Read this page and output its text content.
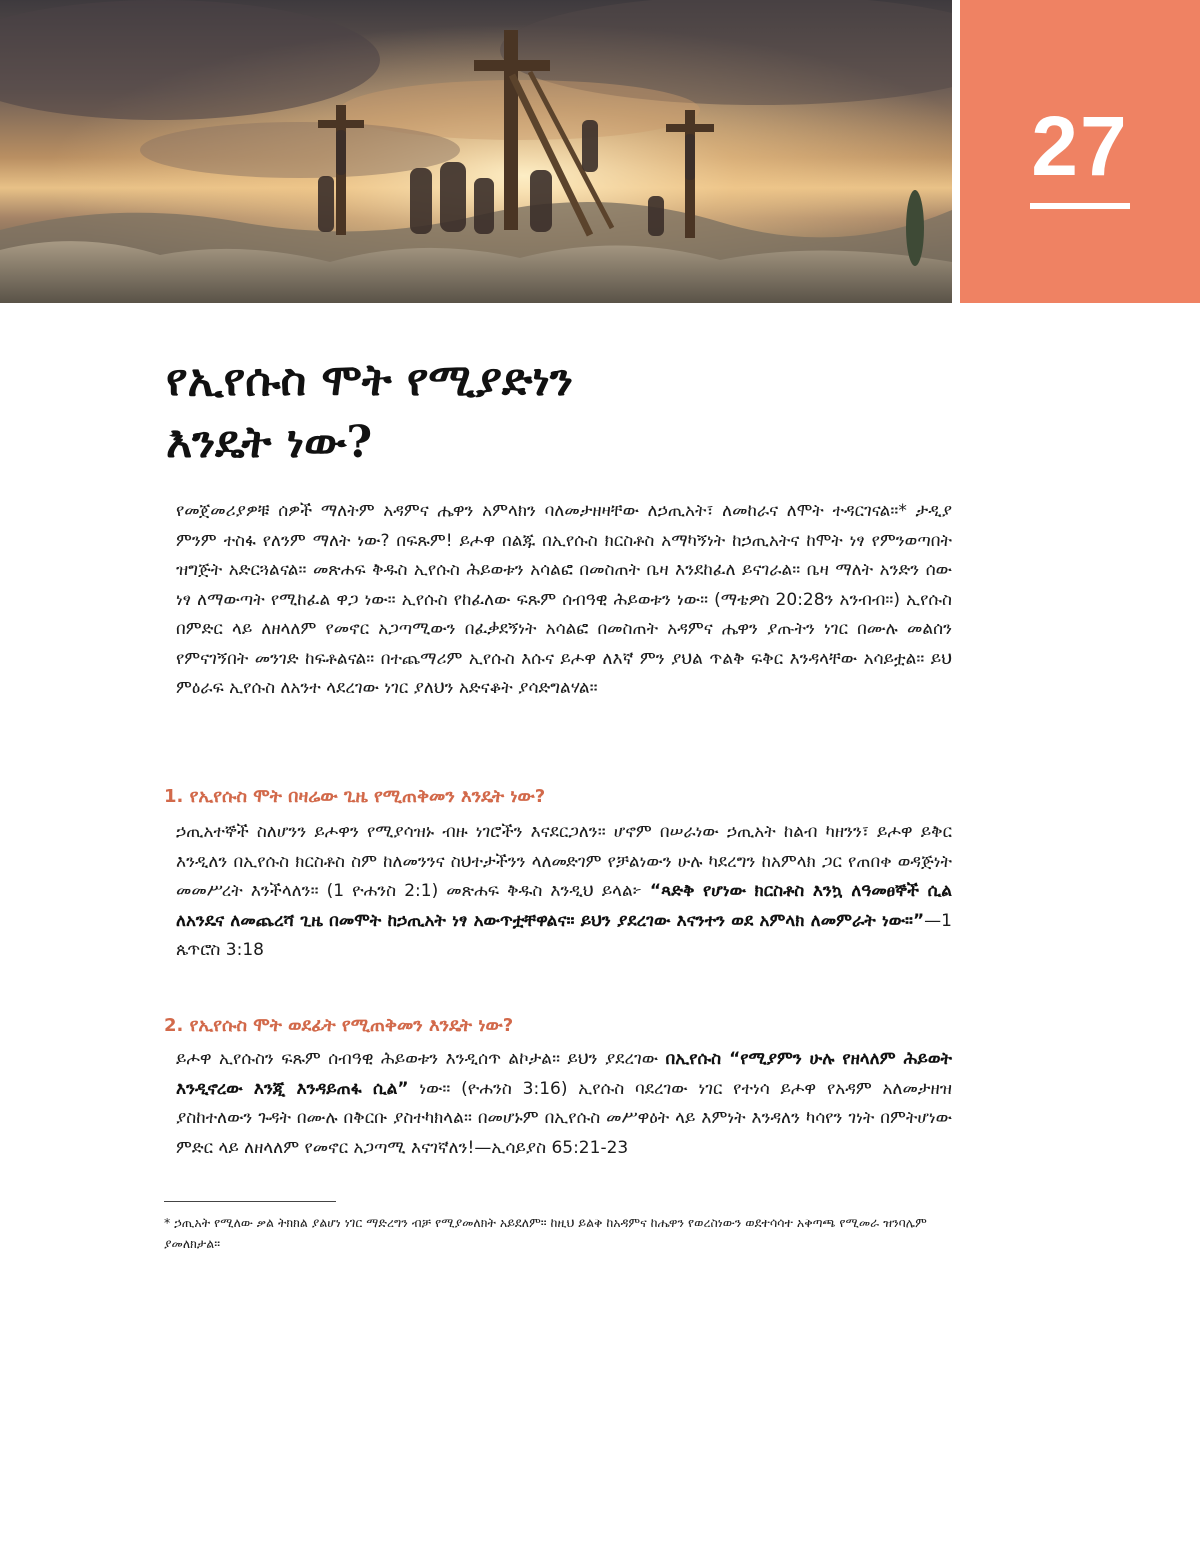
27
የኢየሱስ ሞት የሚያድነን
እንዴት ነው?

የመጀመሪያዎቹ ሰዎች ማለትም አዳምና ሔዋን አምላክን ባለመታዘዛቸው ለኃጢአት፣ ለመከራና ለሞት ተዳርገናል።* ታዲያ ምንም ተስፋ የለንም ማለት ነው? በፍጹም! ይሖዋ በልጁ በኢየሱስ ክርስቶስ አማካኝነት ከኃጢአትና ከሞት ነፃ የምንወጣበት ዝግጅት አድርጓልናል። መጽሐፍ ቅዱስ ኢየሱስ ሕይወቱን አሳልፎ በመስጠት ቤዛ እንደከፈለ ይናገራል። ቤዛ ማለት አንድን ሰው ነፃ ለማውጣት የሚከፈል ዋጋ ነው። ኢየሱስ የከፈለው ፍጹም ሰብዓዊ ሕይወቱን ነው። (ማቴዎስ 20:28ን አንብብ።) ኢየሱስ በምድር ላይ ለዘላለም የመኖር አጋጣሚውን በፈቃደኝነት አሳልፎ በመስጠት አዳምና ሔዋን ያጡትን ነገር በሙሉ መልሰን የምናገኝበት መንገድ ከፍቶልናል። በተጨማሪም ኢየሱስ እሱና ይሖዋ ለእኛ ምን ያህል ጥልቅ ፍቅር እንዳላቸው አሳይቷል። ይህ ምዕራፍ ኢየሱስ ለአንተ ላደረገው ነገር ያለህን አድናቆት ያሳድግልሃል።

1. የኢየሱስ ሞት በዛሬው ጊዜ የሚጠቅመን እንዴት ነው?

ኃጢአተኞች ስለሆንን ይሖዋን የሚያሳዝኑ ብዙ ነገሮችን እናደርጋለን። ሆኖም በሠራነው ኃጢአት ከልብ ካዘንን፣ ይሖዋ ይቅር እንዲለን በኢየሱስ ክርስቶስ ስም ከለመንንና ስህተታችንን ላለመድገም የቻልነውን ሁሉ ካደረግን ከአምላክ ጋር የጠበቀ ወዳጅነት መመሥረት እንችላለን። (1 ዮሐንስ 2:1) መጽሐፍ ቅዱስ እንዲህ ይላል፦ “ጻድቅ የሆነው ክርስቶስ እንኳ ለዓመፀኞች ሲል ለአንዴና ለመጨረሻ ጊዜ በመሞት ከኃጢአት ነፃ አውጥቷቸዋልና። ይህን ያደረገው እናንተን ወደ አምላክ ለመምራት ነው።”—1 ጴጥሮስ 3:18

2. የኢየሱስ ሞት ወደፊት የሚጠቅመን እንዴት ነው?

ይሖዋ ኢየሱስን ፍጹም ሰብዓዊ ሕይወቱን እንዲሰጥ ልኮታል። ይህን ያደረገው በኢየሱስ “የሚያምን ሁሉ የዘላለም ሕይወት እንዲኖረው እንጂ እንዳይጠፋ ሲል” ነው። (ዮሐንስ 3:16) ኢየሱስ ባደረገው ነገር የተነሳ ይሖዋ የአዳም አለመታዘዝ ያስከተለውን ጉዳት በሙሉ በቅርቡ ያስተካክላል። በመሆኑም በኢየሱስ መሥዋዕት ላይ እምነት እንዳለን ካሳየን ገነት በምትሆነው ምድር ላይ ለዘላለም የመኖር አጋጣሚ እናገኛለን!—ኢሳይያስ 65:21-23

* ኃጢአት የሚለው ቃል ትክክል ያልሆነ ነገር ማድረግን ብቻ የሚያመለክት አይደለም። ከዚህ ይልቅ ከአዳምና ከሔዋን የወረስነውን ወደተሳሳተ አቅጣጫ የሚመራ ዝንባሌም ያመለክታል።
